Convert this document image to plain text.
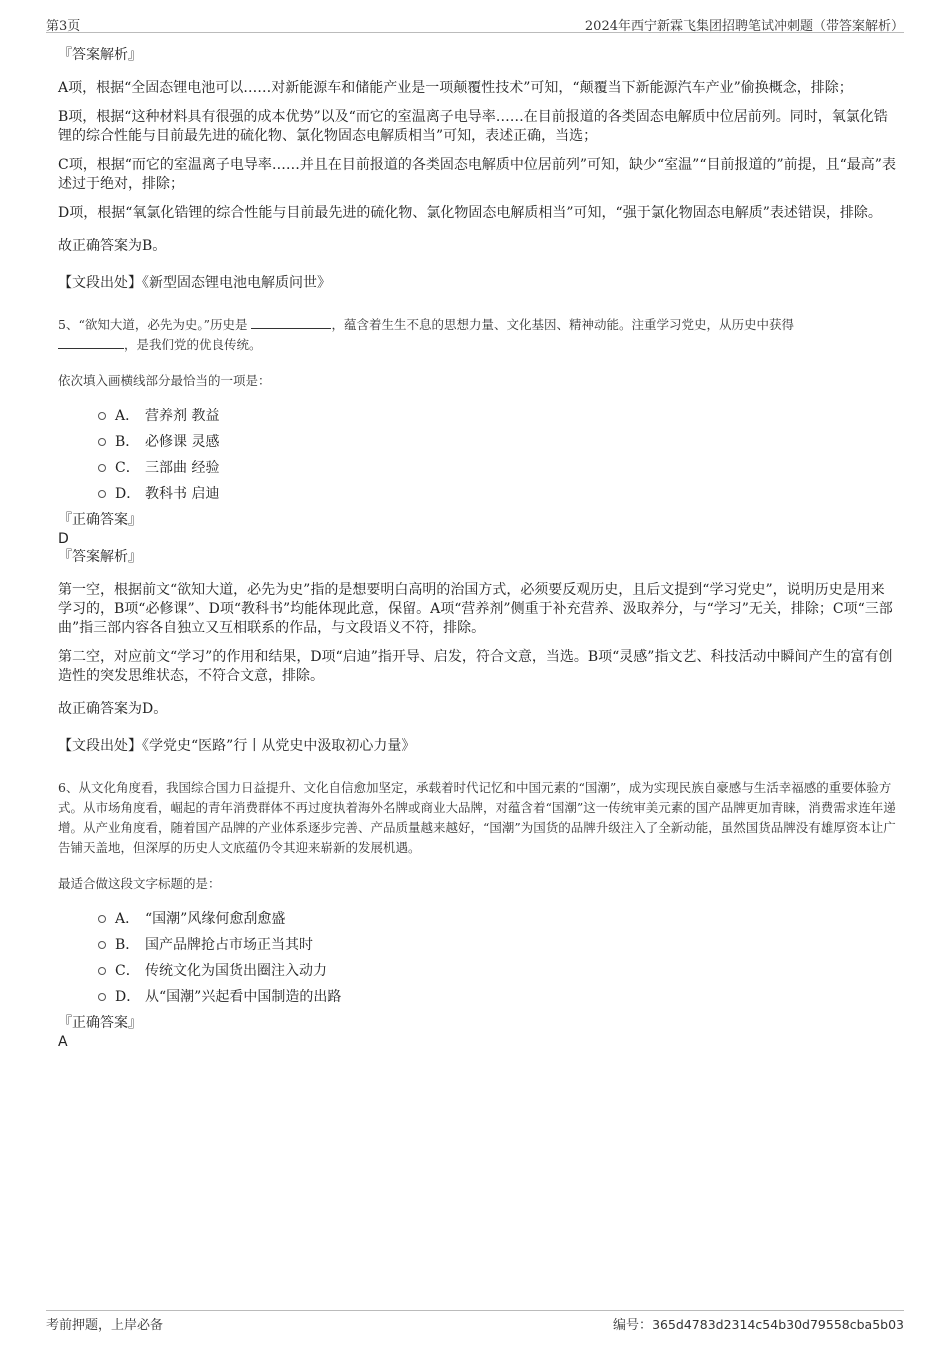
第3页	2024年西宁新霖飞集团招聘笔试冲刺题（带答案解析）

『答案解析』

A项，根据“全固态锂电池可以……对新能源车和储能产业是一项颠覆性技术”可知，“颠覆当下新能源汽车产业”偷换概念，排除；

B项，根据“这种材料具有很强的成本优势”以及“而它的室温离子电导率……在目前报道的各类固态电解质中位居前列。同时，氧氯化锆锂的综合性能与目前最先进的硫化物、氯化物固态电解质相当”可知，表述正确，当选；

C项，根据“而它的室温离子电导率……并且在目前报道的各类固态电解质中位居前列”可知，缺少“室温”“目前报道的”前提，且“最高”表述过于绝对，排除；

D项，根据“氧氯化锆锂的综合性能与目前最先进的硫化物、氯化物固态电解质相当”可知，“强于氯化物固态电解质”表述错误，排除。

故正确答案为B。

【文段出处】《新型固态锂电池电解质问世》

5、“欲知大道，必先为史。”历史是	，蕴含着生生不息的思想力量、文化基因、精神动能。注重学习党史，从历史中获得
，是我们党的优良传统。

依次填入画横线部分最恰当的一项是：

A． 营养剂 教益
B． 必修课 灵感
C． 三部曲 经验
D． 教科书 启迪

『正确答案』

D

『答案解析』

第一空，根据前文“欲知大道，必先为史”指的是想要明白高明的治国方式，必须要反观历史，且后文提到“学习党史”，说明历史是用来学习的，B项“必修课”、D项“教科书”均能体现此意，保留。A项“营养剂”侧重于补充营养、汲取养分，与“学习”无关，排除；C项“三部曲”指三部内容各自独立又互相联系的作品，与文段语义不符，排除。

第二空，对应前文“学习”的作用和结果，D项“启迪”指开导、启发，符合文意，当选。B项“灵感”指文艺、科技活动中瞬间产生的富有创造性的突发思维状态，不符合文意，排除。

故正确答案为D。

【文段出处】《学党史“医路”行丨从党史中汲取初心力量》

6、从文化角度看，我国综合国力日益提升、文化自信愈加坚定，承载着时代记忆和中国元素的“国潮”，成为实现民族自豪感与生活幸福感的重要体验方式。从市场角度看，崛起的青年消费群体不再过度执着海外名牌或商业大品牌，对蕴含着“国潮”这一传统审美元素的国产品牌更加青睐，消费需求连年递增。从产业角度看，随着国产品牌的产业体系逐步完善、产品质量越来越好，“国潮”为国货的品牌升级注入了全新动能，虽然国货品牌没有雄厚资本让广告铺天盖地，但深厚的历史人文底蕴仍令其迎来崭新的发展机遇。

最适合做这段文字标题的是：

A． “国潮”风缘何愈刮愈盛
B． 国产品牌抢占市场正当其时
C． 传统文化为国货出圈注入动力
D． 从“国潮”兴起看中国制造的出路

『正确答案』

A

考前押题，上岸必备	编号：365d4783d2314c54b30d79558cba5b03
